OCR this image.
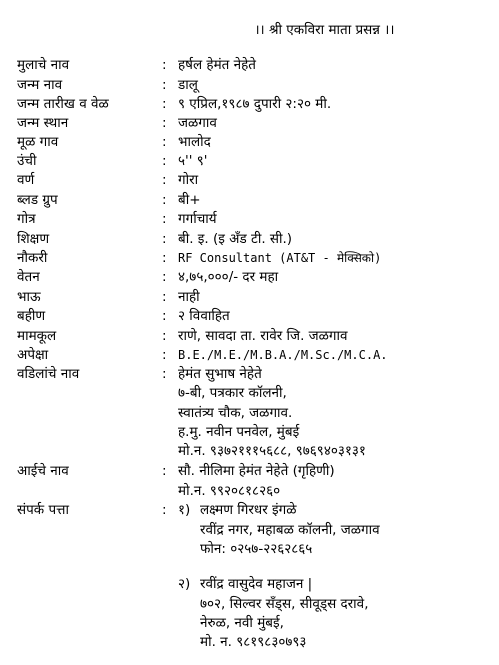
।। श्री एकविरा माता प्रसन्न ।।
मुलाचे नाव	: हर्षल हेमंत नेहेते
जन्म नाव	: डालू
जन्म तारीख व वेळ	: ९ एप्रिल,१९८७ दुपारी २:२० मी.
जन्म स्थान	: जळगाव
मूळ गाव	: भालोद
उंची	: ५'' ९'
वर्ण	: गोरा
ब्लड ग्रुप	: बी+
गोत्र	: गर्गाचार्य
शिक्षण	: बी. इ. (इ अँड टी. सी.)
नौकरी	: RF Consultant (AT&T - मेक्सिको)
वेतन	: ४,७५,०००/- दर महा
भाऊ	: नाही
बहीण	: २ विवाहित
मामकूल	: राणे, सावदा ता. रावेर जि. जळगाव
अपेक्षा	: B.E./M.E./M.B.A./M.Sc./M.C.A.
वडिलांचे नाव	: हेमंत सुभाष नेहेते
७-बी, पत्रकार कॉलनी,
स्वातंत्र्य चौक, जळगाव.
ह.मु. नवीन पनवेल, मुंबई
मो.न. ९३७२१११५६८८, ९७६९४०३१३१
आईचे नाव	: सौ. नीलिमा हेमंत नेहेते (गृहिणी)
मो.न. ९९२०८१८२६०
संपर्क पत्ता	: १) लक्ष्मण गिरधर इंगळे
रवींद्र नगर, महाबळ कॉलनी, जळगाव
फोन: ०२५७-२२६२८६५
२) रवींद्र वासुदेव महाजन |
७०२, सिल्वर सँड्स, सीवूड्स दरावे,
नेरुळ, नवी मुंबई,
मो. न. ९८१९८३०७९३
